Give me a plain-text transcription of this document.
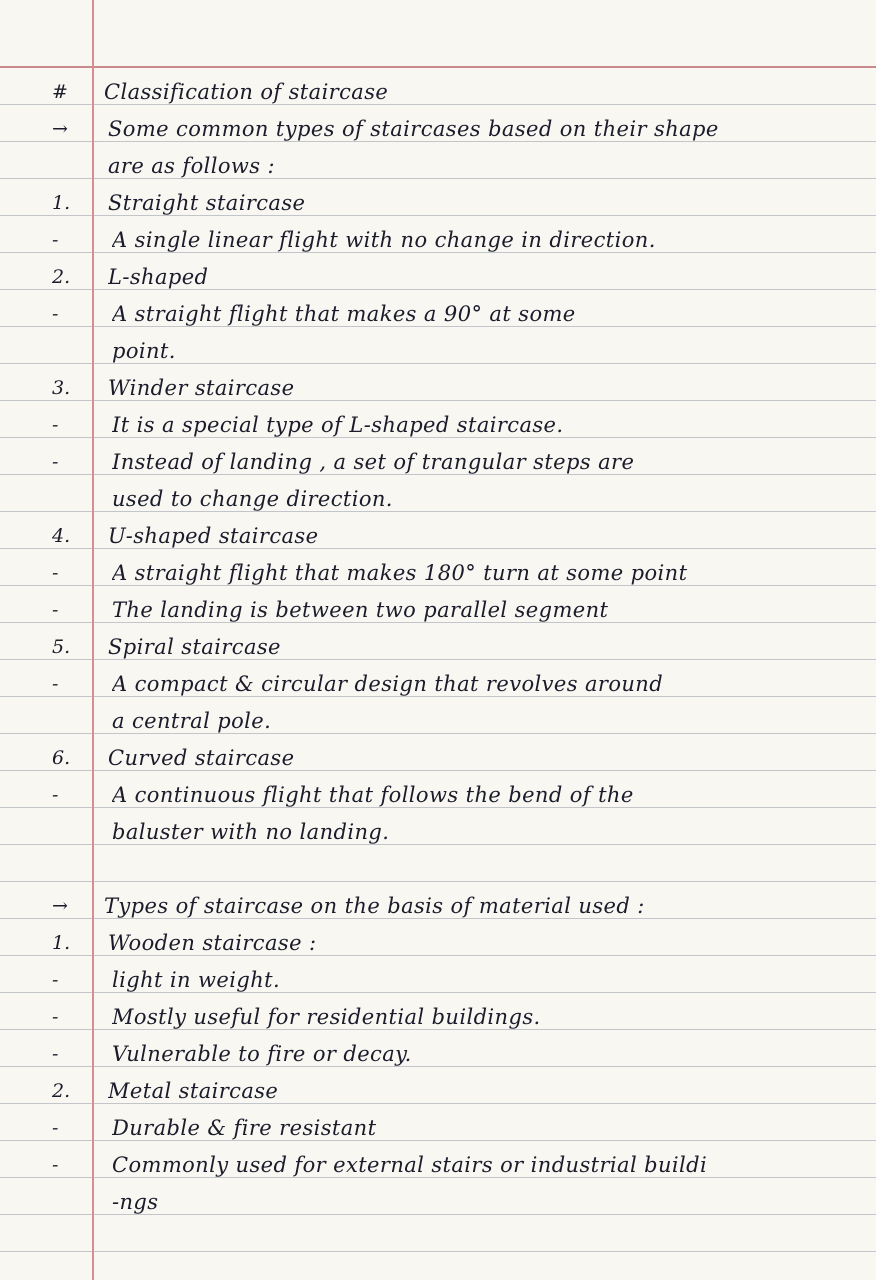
#	Classification of staircase
→	Some common types of staircases based on their shape
are as follows :
1.	Straight staircase
-	A single linear flight with no change in direction.
2.	L-shaped
-	A straight flight that makes a 90° at some
point.
3.	Winder staircase
-	It is a special type of L-shaped staircase.
-	Instead of landing , a set of trangular steps are
used to change direction.
4.	U-shaped staircase
-	A straight flight that makes 180° turn at some point
-	The landing is between two parallel segment
5.	Spiral staircase
-	A compact & circular design that revolves around
a central pole.
6.	Curved staircase
-	A continuous flight that follows the bend of the
baluster with no landing.
→	Types of staircase on the basis of material used :
1.	Wooden staircase :
-	light in weight.
-	Mostly useful for residential buildings.
-	Vulnerable to fire or decay.
2.	Metal staircase
-	Durable & fire resistant
-	Commonly used for external stairs or industrial buildi
-ngs
